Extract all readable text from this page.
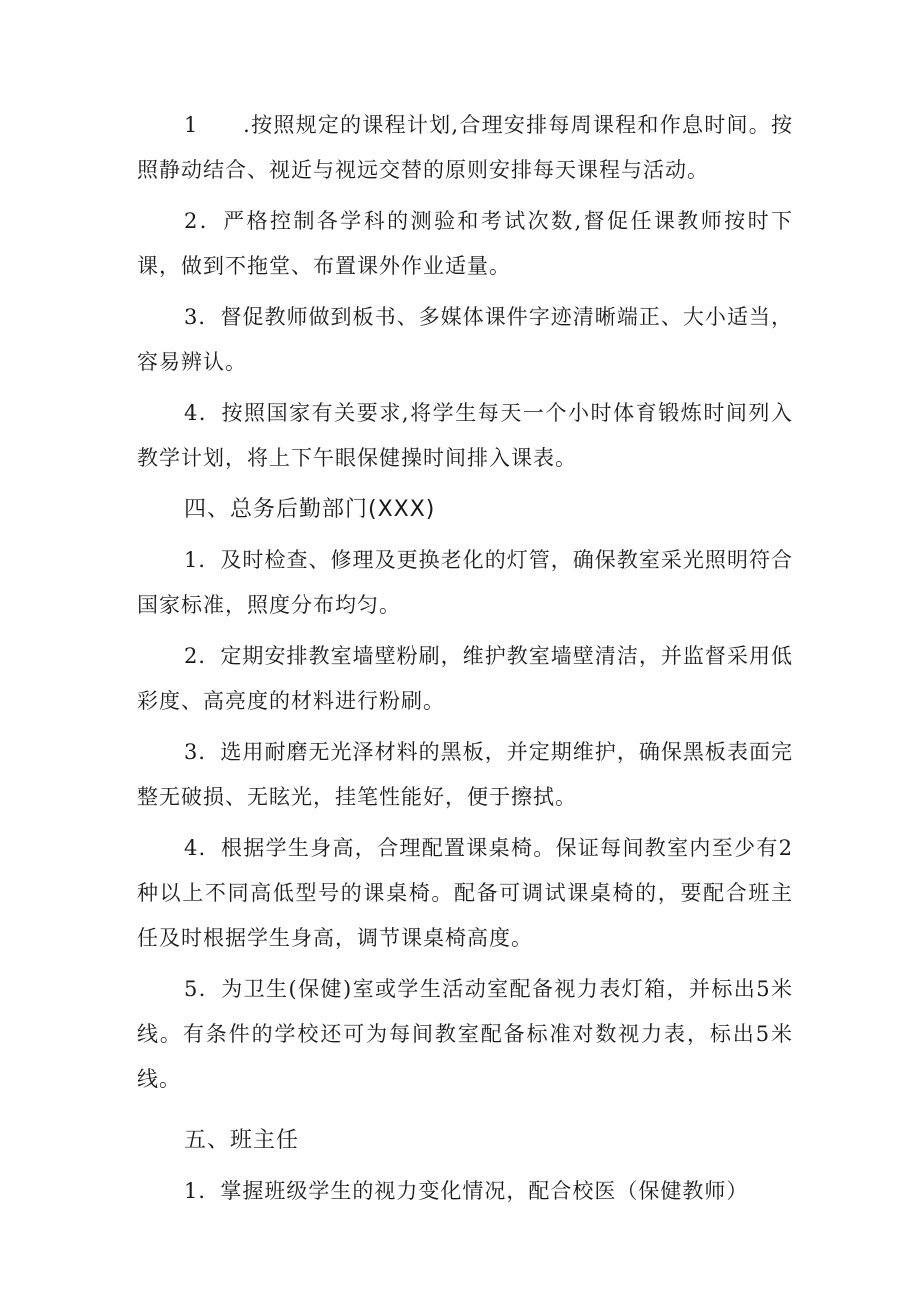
1　　.按照规定的课程计划,合理安排每周课程和作息时间。按照静动结合、视近与视远交替的原则安排每天课程与活动。

2．严格控制各学科的测验和考试次数,督促任课教师按时下课，做到不拖堂、布置课外作业适量。

3．督促教师做到板书、多媒体课件字迹清晰端正、大小适当，容易辨认。

4．按照国家有关要求,将学生每天一个小时体育锻炼时间列入教学计划，将上下午眼保健操时间排入课表。

四、总务后勤部门(XXX)

1．及时检查、修理及更换老化的灯管，确保教室采光照明符合国家标准，照度分布均匀。

2．定期安排教室墙壁粉刷，维护教室墙壁清洁，并监督采用低彩度、高亮度的材料进行粉刷。

3．选用耐磨无光泽材料的黑板，并定期维护，确保黑板表面完整无破损、无眩光，挂笔性能好，便于擦拭。

4．根据学生身高，合理配置课桌椅。保证每间教室内至少有2种以上不同高低型号的课桌椅。配备可调试课桌椅的，要配合班主任及时根据学生身高，调节课桌椅高度。

5．为卫生(保健)室或学生活动室配备视力表灯箱，并标出5米线。有条件的学校还可为每间教室配备标准对数视力表，标出5米线。

五、班主任

1．掌握班级学生的视力变化情况，配合校医（保健教师）
